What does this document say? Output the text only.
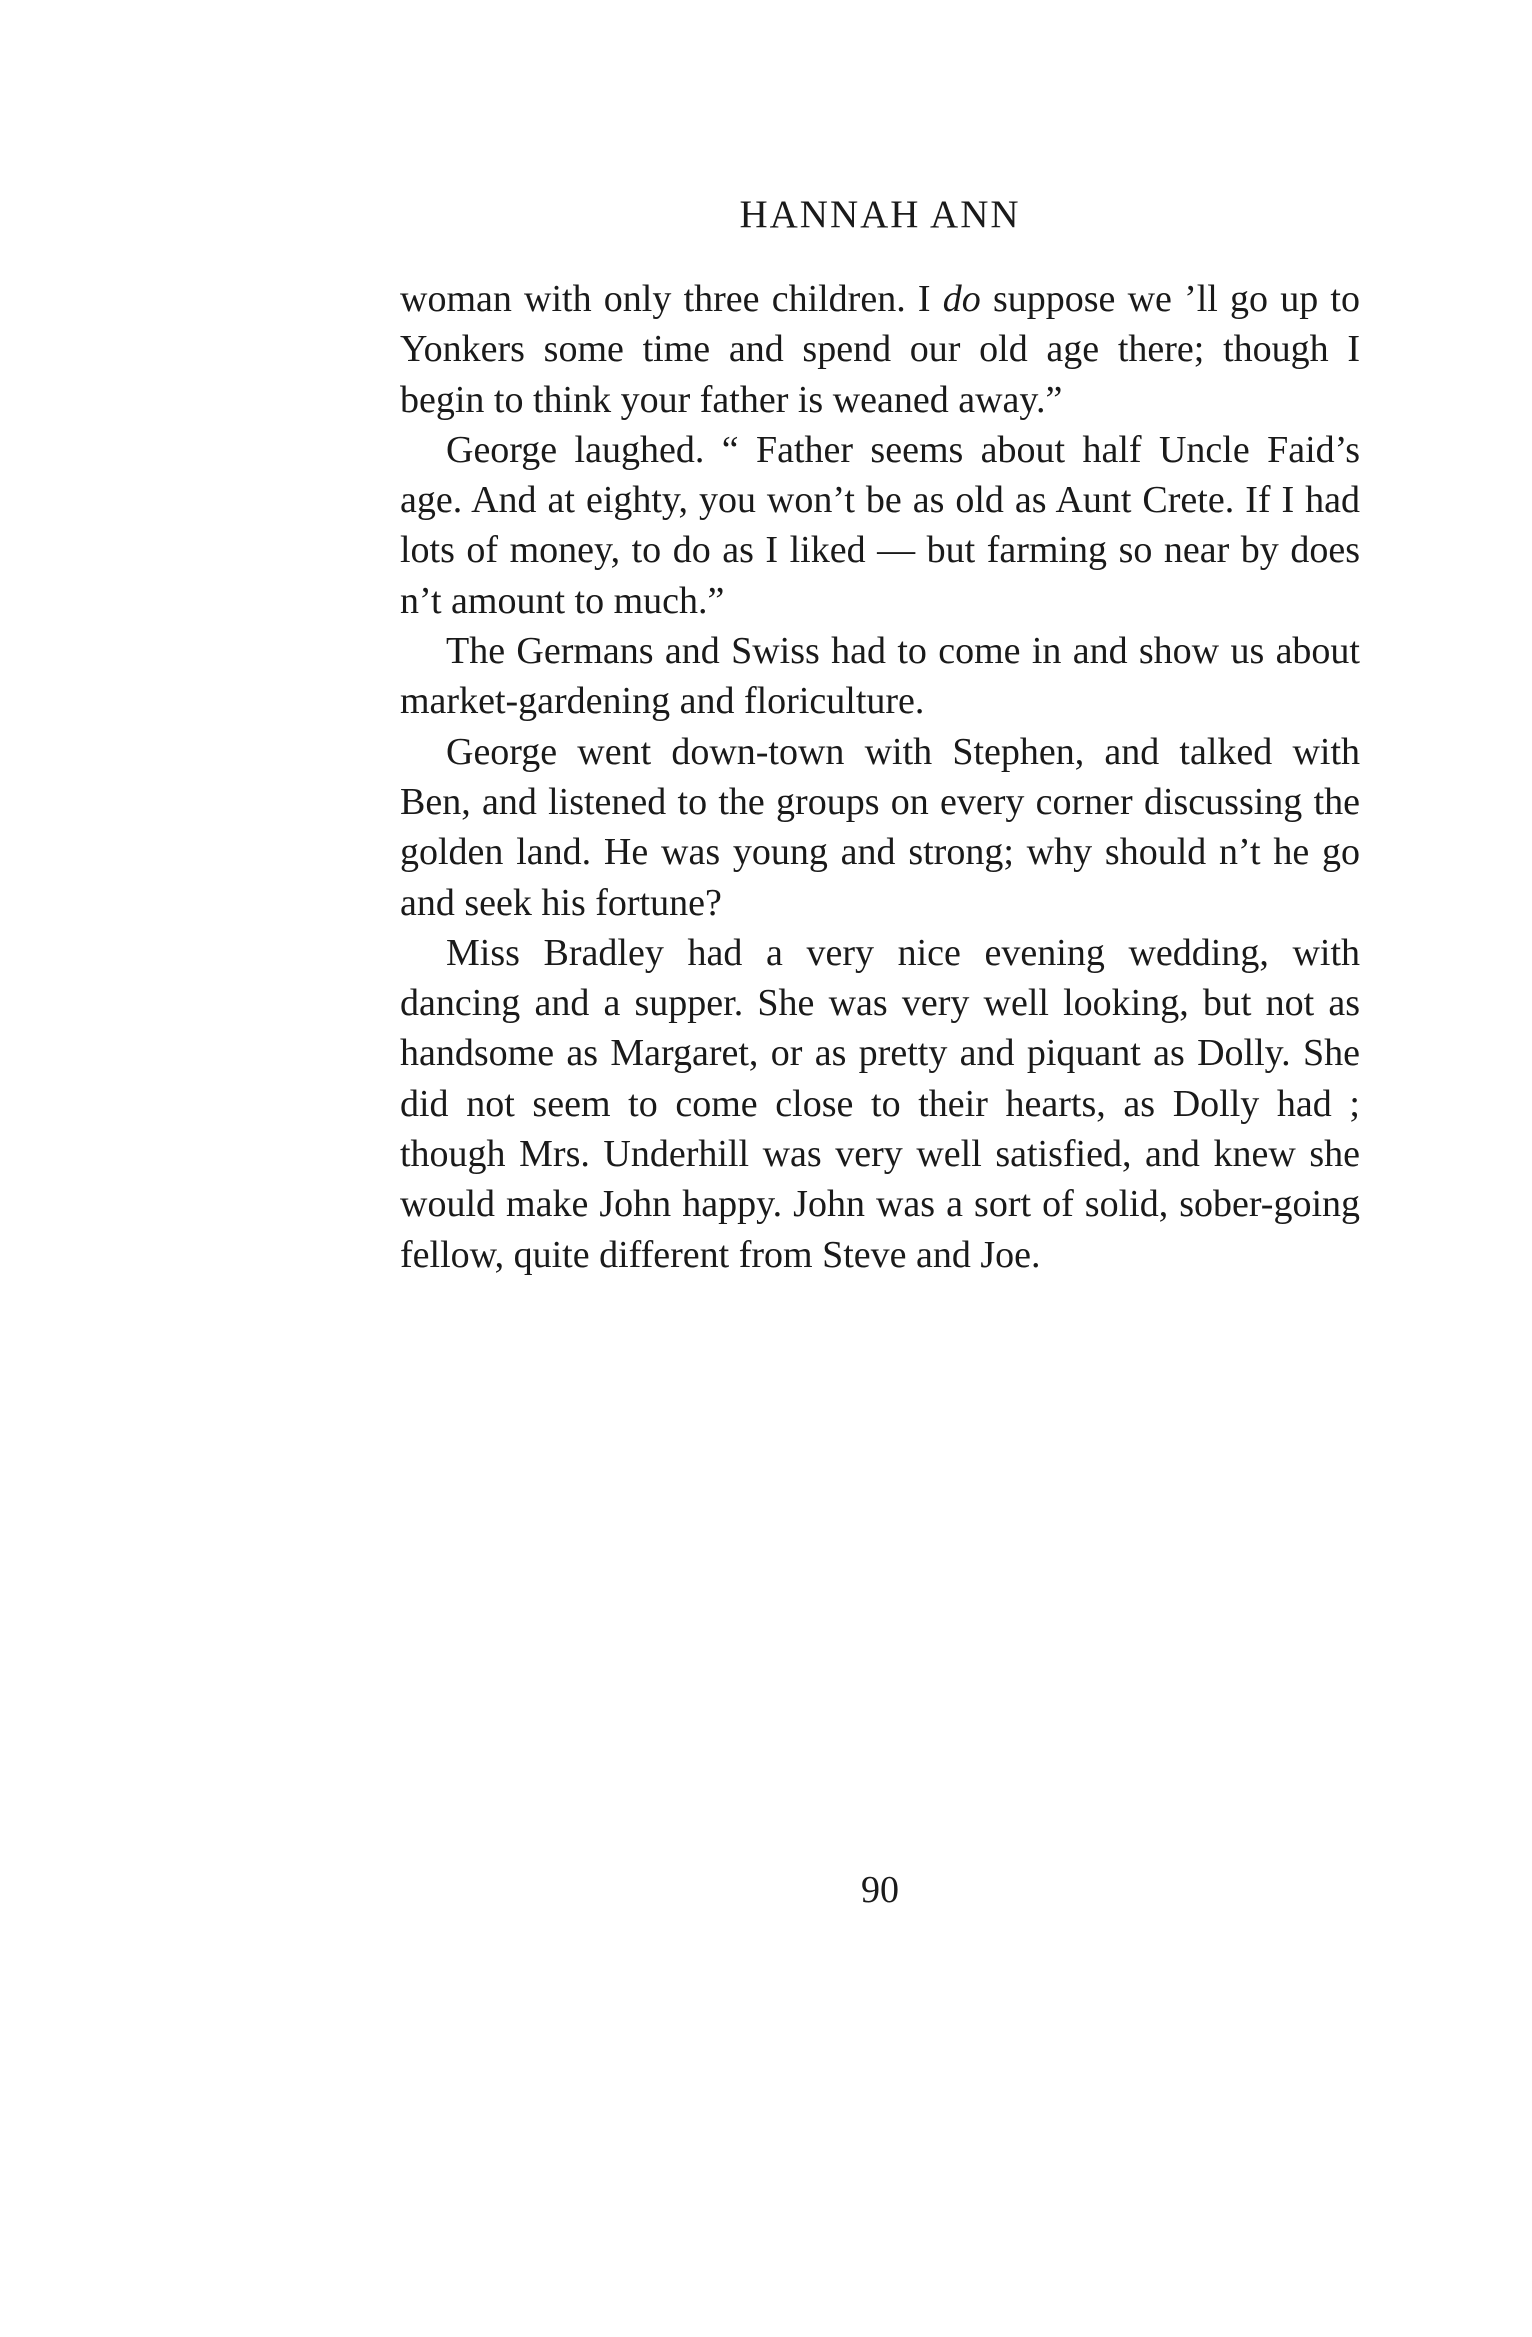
HANNAH ANN

woman with only three children. I do suppose we ’ll go up to Yonkers some time and spend our old age there; though I begin to think your father is weaned away.”

George laughed. “ Father seems about half Uncle Faid’s age. And at eighty, you won’t be as old as Aunt Crete. If I had lots of money, to do as I liked — but farming so near by does n’t amount to much.”

The Germans and Swiss had to come in and show us about market-gardening and floriculture.

George went down-town with Stephen, and talked with Ben, and listened to the groups on every corner discussing the golden land. He was young and strong; why should n’t he go and seek his fortune?

Miss Bradley had a very nice evening wedding, with dancing and a supper. She was very well looking, but not as handsome as Margaret, or as pretty and piquant as Dolly. She did not seem to come close to their hearts, as Dolly had ; though Mrs. Underhill was very well satisfied, and knew she would make John happy. John was a sort of solid, sober-going fellow, quite different from Steve and Joe.

90
